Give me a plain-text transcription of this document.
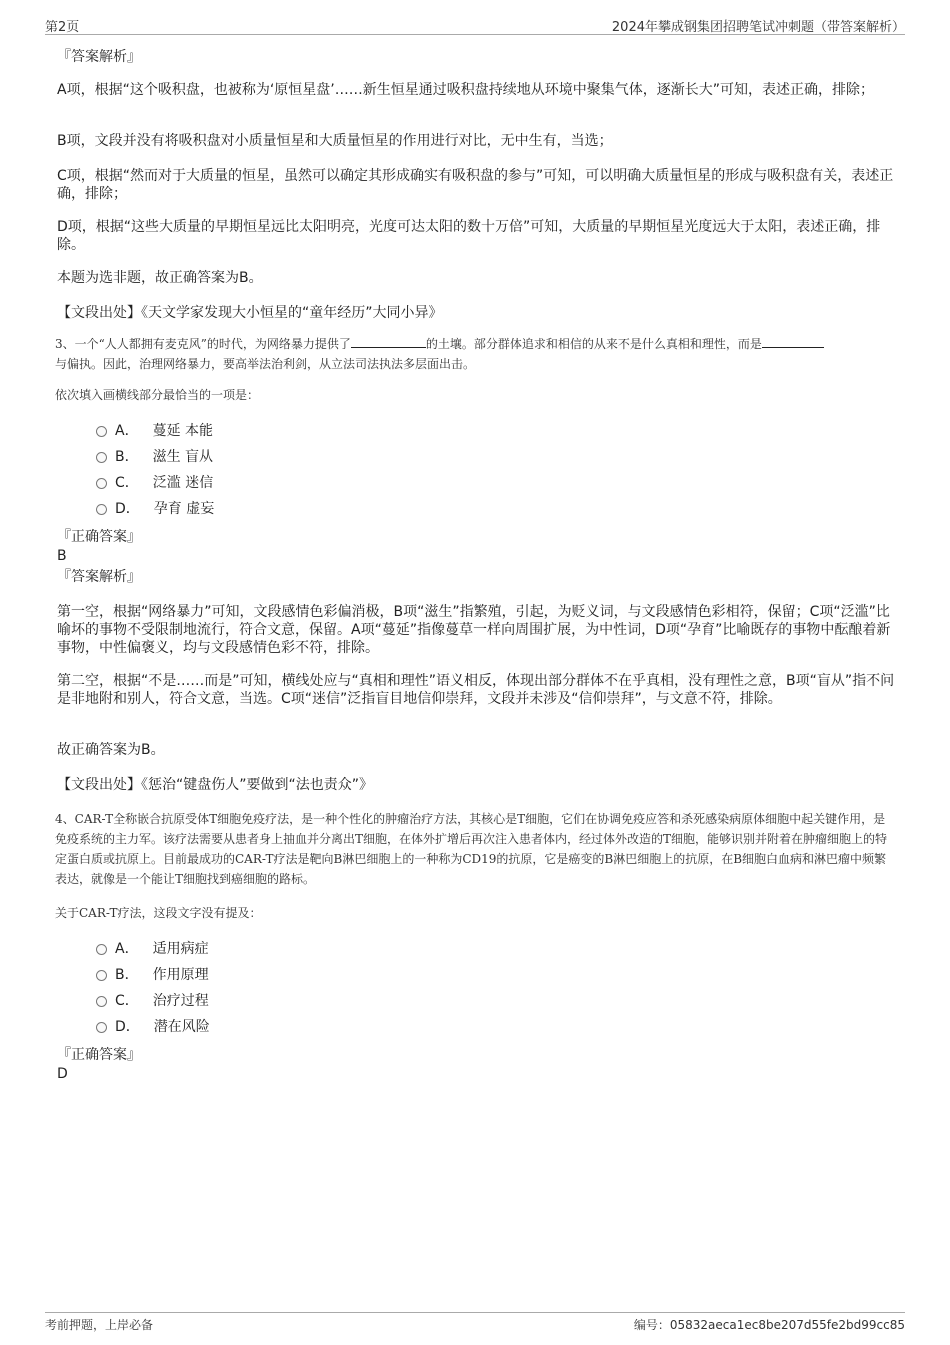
第2页	2024年攀成钢集团招聘笔试冲刺题（带答案解析）
『答案解析』
A项，根据“这个吸积盘，也被称为‘原恒星盘’……新生恒星通过吸积盘持续地从环境中聚集气体，逐渐长大”可知，表述正确，排除；
B项，文段并没有将吸积盘对小质量恒星和大质量恒星的作用进行对比，无中生有，当选；
C项，根据“然而对于大质量的恒星，虽然可以确定其形成确实有吸积盘的参与”可知，可以明确大质量恒星的形成与吸积盘有关，表述正确，排除；
D项，根据“这些大质量的早期恒星远比太阳明亮，光度可达太阳的数十万倍”可知，大质量的早期恒星光度远大于太阳，表述正确，排除。
本题为选非题，故正确答案为B。
【文段出处】《天文学家发现大小恒星的“童年经历”大同小异》
3、一个“人人都拥有麦克风”的时代，为网络暴力提供了	的土壤。部分群体追求和相信的从来不是什么真相和理性，而是
与偏执。因此，治理网络暴力，要高举法治利剑，从立法司法执法多层面出击。
依次填入画横线部分最恰当的一项是：
A． 蔓延 本能
B． 滋生 盲从
C． 泛滥 迷信
D． 孕育 虚妄
『正确答案』
B
『答案解析』
第一空，根据“网络暴力”可知，文段感情色彩偏消极，B项“滋生”指繁殖，引起，为贬义词，与文段感情色彩相符，保留；C项“泛滥”比喻坏的事物不受限制地流行，符合文意，保留。A项“蔓延”指像蔓草一样向周围扩展，为中性词，D项“孕育”比喻既存的事物中酝酿着新事物，中性偏褒义，均与文段感情色彩不符，排除。
第二空，根据“不是……而是”可知，横线处应与“真相和理性”语义相反，体现出部分群体不在乎真相，没有理性之意，B项“盲从”指不问是非地附和别人，符合文意，当选。C项“迷信”泛指盲目地信仰崇拜，文段并未涉及“信仰崇拜”，与文意不符，排除。
故正确答案为B。
【文段出处】《惩治“键盘伤人”要做到“法也责众”》
4、CAR-T全称嵌合抗原受体T细胞免疫疗法，是一种个性化的肿瘤治疗方法，其核心是T细胞，它们在协调免疫应答和杀死感染病原体细胞中起关键作用，是免疫系统的主力军。该疗法需要从患者身上抽血并分离出T细胞，在体外扩增后再次注入患者体内，经过体外改造的T细胞，能够识别并附着在肿瘤细胞上的特定蛋白质或抗原上。目前最成功的CAR-T疗法是靶向B淋巴细胞上的一种称为CD19的抗原，它是癌变的B淋巴细胞上的抗原，在B细胞白血病和淋巴瘤中频繁表达，就像是一个能让T细胞找到癌细胞的路标。
关于CAR-T疗法，这段文字没有提及：
A． 适用病症
B． 作用原理
C． 治疗过程
D． 潜在风险
『正确答案』
D
考前押题，上岸必备	编号：05832aeca1ec8be207d55fe2bd99cc85
